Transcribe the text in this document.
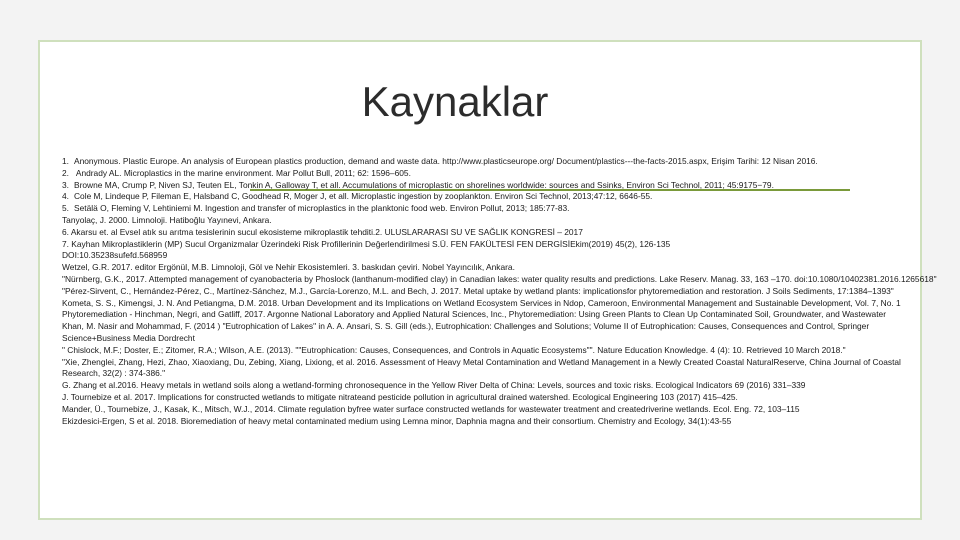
Kaynaklar

1. Anonymous. Plastic Europe. An analysis of European plastics production, demand and waste data. http://www.plasticseurope.org/ Document/plastics---the-facts-2015.aspx, Erişim Tarihi: 12 Nisan 2016.

2. Andrady AL. Microplastics in the marine environment. Mar Pollut Bull, 2011; 62: 1596–605.

3. Browne MA, Crump P, Niven SJ, Teuten EL, Tonkin A, Galloway T, et all. Accumulations of microplastic on shorelines worldwide: sources and Ssinks, Environ Sci Technol, 2011; 45:9175−79.

4. Cole M, Lindeque P, Fileman E, Halsband C, Goodhead R, Moger J, et all. Microplastic ingestion by zooplankton. Environ Sci Technol, 2013;47:12, 6646-55.

5. Setälä O, Fleming V, Lehtiniemi M. Ingestion and transfer of microplastics in the planktonic food web. Environ Pollut, 2013; 185:77-83.

Tanyolaç, J. 2000. Limnoloji. Hatiboğlu Yayınevi, Ankara.

6. Akarsu et. al Evsel atık su arıtma tesislerinin sucul ekosisteme mikroplastik tehditi.2. ULUSLARARASI SU VE SAĞLIK KONGRESİ – 2017

7. Kayhan Mikroplastiklerin (MP) Sucul Organizmalar Üzerindeki Risk Profillerinin Değerlendirilmesi S.Ü. FEN FAKÜLTESİ FEN DERGİSİEkim(2019) 45(2), 126-135

DOI:10.35238sufefd.568959

Wetzel, G.R. 2017. editor Ergönül, M.B. Limnoloji, Göl ve Nehir Ekosistemleri. 3. baskıdan çeviri. Nobel Yayıncılık, Ankara.

"Nürnberg, G.K., 2017. Attempted management of cyanobacteria by Phoslock (lanthanum-modified clay) in Canadian lakes: water quality results and predictions. Lake Reserv. Manag. 33, 163 –170. doi:10.1080/10402381.2016.1265618"

"Pérez-Sirvent, C., Hernández-Pérez, C., Martínez-Sánchez, M.J., García-Lorenzo, M.L. and Bech, J. 2017. Metal uptake by wetland plants: implicationsfor phytoremediation and restoration. J Soils Sediments, 17:1384–1393"

Kometa, S. S., Kimengsi, J. N. And Petiangma, D.M. 2018. Urban Development and its Implications on Wetland Ecosystem Services in Ndop, Cameroon, Environmental Management and Sustainable Development, Vol. 7, No. 1

Phytoremediation - Hinchman, Negri, and Gatliff, 2017. Argonne National Laboratory and Applied Natural Sciences, Inc., Phytoremediation: Using Green Plants to Clean Up Contaminated Soil, Groundwater, and Wastewater

Khan, M. Nasir and Mohammad, F. (2014 ) "Eutrophication of Lakes" in A. A. Ansari, S. S. Gill (eds.), Eutrophication: Challenges and Solutions; Volume II of Eutrophication: Causes, Consequences and Control, Springer Science+Business Media Dordrecht

" Chislock, M.F.; Doster, E.; Zitomer, R.A.; Wilson, A.E. (2013). ""Eutrophication: Causes, Consequences, and Controls in Aquatic Ecosystems"". Nature Education Knowledge. 4 (4): 10. Retrieved 10 March 2018."

"Xie, Zhenglei, Zhang, Hezi, Zhao, Xiaoxiang, Du, Zebing, Xiang, Lixiong, et al. 2016. Assessment of Heavy Metal Contamination and Wetland Management in a Newly Created Coastal NaturalReserve, China Journal of Coastal Research, 32(2) : 374-386."

G. Zhang et al.2016. Heavy metals in wetland soils along a wetland-forming chronosequence in the Yellow River Delta of China: Levels, sources and toxic risks. Ecological Indicators 69 (2016) 331–339

J. Tournebize et al. 2017. Implications for constructed wetlands to mitigate nitrateand pesticide pollution in agricultural drained watershed. Ecological Engineering 103 (2017) 415–425.

Mander, Ü., Tournebize, J., Kasak, K., Mitsch, W.J., 2014. Climate regulation byfree water surface constructed wetlands for wastewater treatment and createdriverine wetlands. Ecol. Eng. 72, 103–115

Ekizdesici-Ergen, S et al. 2018. Bioremediation of heavy metal contaminated medium using Lemna minor, Daphnia magna and their consortium. Chemistry and Ecology, 34(1):43-55
